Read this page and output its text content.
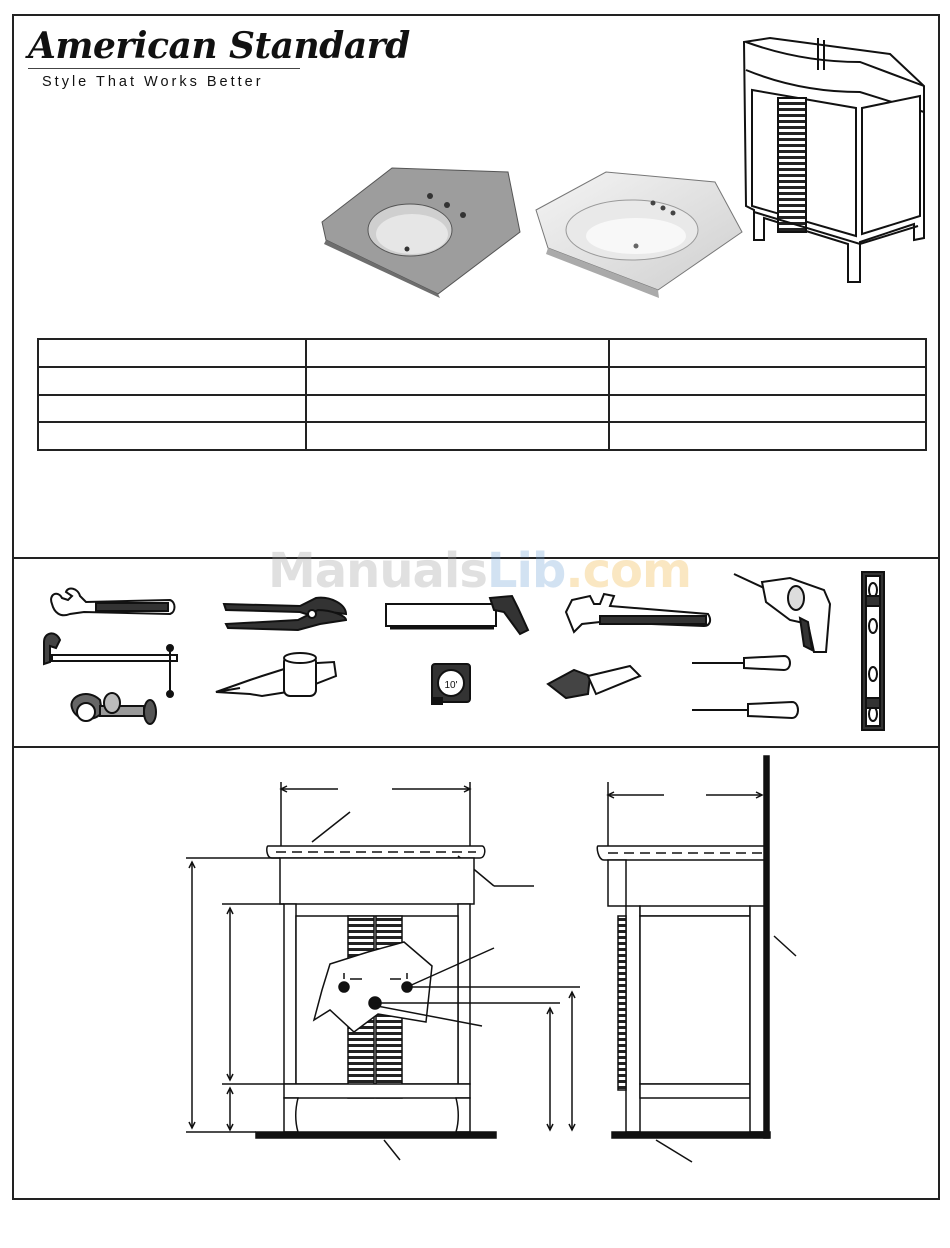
American Standard
Style That Works Better

10'
ManualsLib.com
